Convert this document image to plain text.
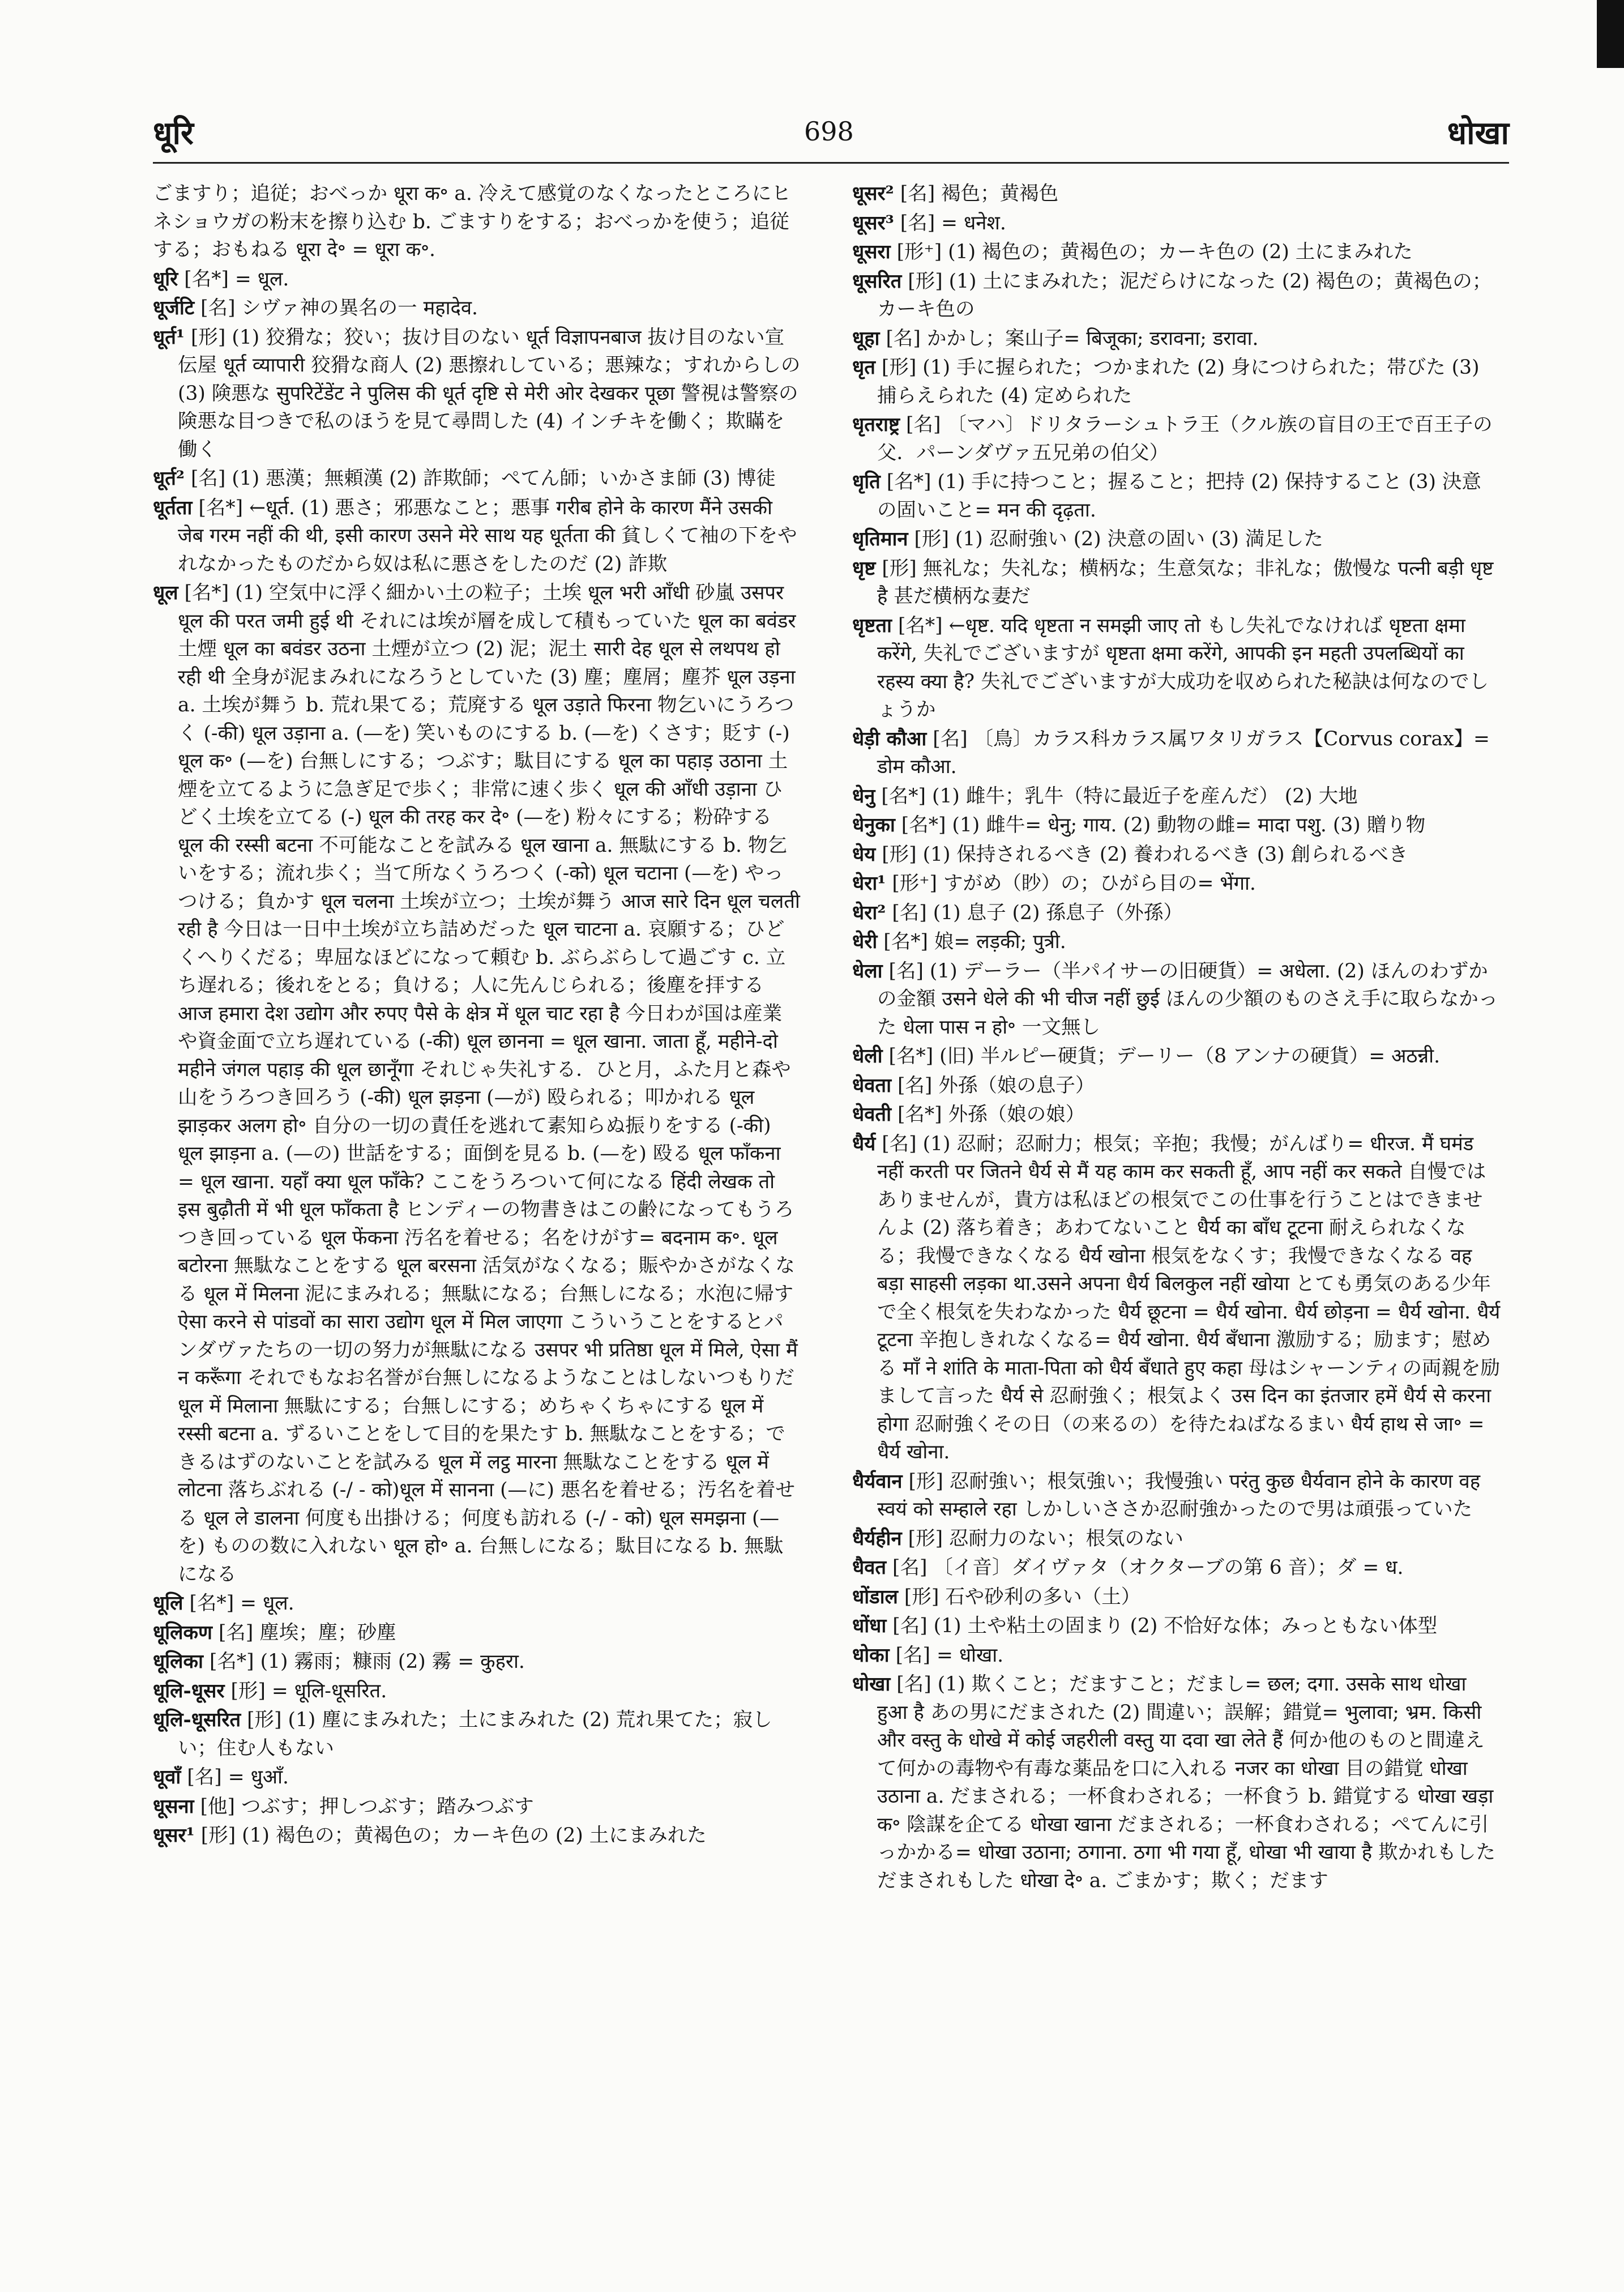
धूरि	698	धोखा
ごますり；追従；おべっか धूरा क॰ a. 冷えて感覚のなくなったところにヒネショウガの粉末を擦り込む b. ごますりをする；おべっかを使う；追従する；おもねる धूरा दे॰ = धूरा क॰.
धूरि [名*] = धूल.
धूर्जटि [名] シヴァ神の異名の一 महादेव.
धूर्त¹ [形] (1) 狡猾な；狡い；抜け目のない धूर्त विज्ञापनबाज 抜け目のない宣伝屋 धूर्त व्यापारी 狡猾な商人 (2) 悪擦れしている；悪辣な；すれからしの (3) 険悪な सुपरिटेंडेंट ने पुलिस की धूर्त दृष्टि से मेरी ओर देखकर पूछा 警視は警察の険悪な目つきで私のほうを見て尋問した (4) インチキを働く；欺瞞を働く
धूर्त² [名] (1) 悪漢；無頼漢 (2) 詐欺師；ぺてん師；いかさま師 (3) 博徒
धूर्तता [名*] ←धूर्त. (1) 悪さ；邪悪なこと；悪事 गरीब होने के कारण मैंने उसकी जेब गरम नहीं की थी, इसी कारण उसने मेरे साथ यह धूर्तता की 貧しくて袖の下をやれなかったものだから奴は私に悪さをしたのだ (2) 詐欺
धूल [名*] (1) 空気中に浮く細かい土の粒子；土埃 धूल भरी आँधी 砂嵐 उसपर धूल की परत जमी हुई थी それには埃が層を成して積もっていた धूल का बवंडर 土煙 धूल का बवंडर उठना 土煙が立つ (2) 泥；泥土 सारी देह धूल से लथपथ हो रही थी 全身が泥まみれになろうとしていた (3) 塵；塵屑；塵芥 धूल उड़ना a. 土埃が舞う b. 荒れ果てる；荒廃する धूल उड़ाते फिरना 物乞いにうろつく (-की) धूल उड़ाना a. (—を) 笑いものにする b. (—を) くさす；貶す (-) धूल क॰ (—を) 台無しにする；つぶす；駄目にする धूल का पहाड़ उठाना 土煙を立てるように急ぎ足で歩く；非常に速く歩く धूल की आँधी उड़ाना ひどく土埃を立てる (-) धूल की तरह कर दे॰ (—を) 粉々にする；粉砕する धूल की रस्सी बटना 不可能なことを試みる धूल खाना a. 無駄にする b. 物乞いをする；流れ歩く；当て所なくうろつく (-को) धूल चटाना (—を) やっつける；負かす धूल चलना 土埃が立つ；土埃が舞う आज सारे दिन धूल चलती रही है 今日は一日中土埃が立ち詰めだった धूल चाटना a. 哀願する；ひどくへりくだる；卑屈なほどになって頼む b. ぶらぶらして過ごす c. 立ち遅れる；後れをとる；負ける；人に先んじられる；後塵を拝する आज हमारा देश उद्योग और रुपए पैसे के क्षेत्र में धूल चाट रहा है 今日わが国は産業や資金面で立ち遅れている (-की) धूल छानना = धूल खाना. जाता हूँ, महीने-दो महीने जंगल पहाड़ की धूल छानूँगा それじゃ失礼する．ひと月，ふた月と森や山をうろつき回ろう (-की) धूल झड़ना (—が) 殴られる；叩かれる धूल झाड़कर अलग हो॰ 自分の一切の責任を逃れて素知らぬ振りをする (-की) धूल झाड़ना a. (—の) 世話をする；面倒を見る b. (—を) 殴る धूल फाँकना = धूल खाना. यहाँ क्या धूल फाँके? ここをうろついて何になる हिंदी लेखक तो इस बुढ़ौती में भी धूल फाँकता है ヒンディーの物書きはこの齢になってもうろつき回っている धूल फेंकना 汚名を着せる；名をけがす= बदनाम क॰. धूल बटोरना 無駄なことをする धूल बरसना 活気がなくなる；賑やかさがなくなる धूल में मिलना 泥にまみれる；無駄になる；台無しになる；水泡に帰す ऐसा करने से पांडवों का सारा उद्योग धूल में मिल जाएगा こういうことをするとパンダヴァたちの一切の努力が無駄になる उसपर भी प्रतिष्ठा धूल में मिले, ऐसा मैं न करूँगा それでもなお名誉が台無しになるようなことはしないつもりだ धूल में मिलाना 無駄にする；台無しにする；めちゃくちゃにする धूल में रस्सी बटना a. ずるいことをして目的を果たす b. 無駄なことをする；できるはずのないことを試みる धूल में लट्ठ मारना 無駄なことをする धूल में लोटना 落ちぶれる (-/ - को)धूल में सानना (—に) 悪名を着せる；汚名を着せる धूल ले डालना 何度も出掛ける；何度も訪れる (-/ - को) धूल समझना (—を) ものの数に入れない धूल हो॰ a. 台無しになる；駄目になる b. 無駄になる
धूलि [名*] = धूल.
धूलिकण [名] 塵埃；塵；砂塵
धूलिका [名*] (1) 霧雨；糠雨 (2) 霧 = कुहरा.
धूलि-धूसर [形] = धूलि-धूसरित.
धूलि-धूसरित [形] (1) 塵にまみれた；土にまみれた (2) 荒れ果てた；寂しい；住む人もない
धूवाँ [名] = धुआँ.
धूसना [他] つぶす；押しつぶす；踏みつぶす
धूसर¹ [形] (1) 褐色の；黄褐色の；カーキ色の (2) 土にまみれた
धूसर² [名] 褐色；黄褐色
धूसर³ [名] = धनेश.
धूसरा [形⁺] (1) 褐色の；黄褐色の；カーキ色の (2) 土にまみれた
धूसरित [形] (1) 土にまみれた；泥だらけになった (2) 褐色の；黄褐色の；カーキ色の
धूहा [名] かかし；案山子= बिजूका; डरावना; डरावा.
धृत [形] (1) 手に握られた；つかまれた (2) 身につけられた；帯びた (3) 捕らえられた (4) 定められた
धृतराष्ट्र [名] 〔マハ〕ドリタラーシュトラ王（クル族の盲目の王で百王子の父．パーンダヴァ五兄弟の伯父）
धृति [名*] (1) 手に持つこと；握ること；把持 (2) 保持すること (3) 決意の固いこと= मन की दृढ़ता.
धृतिमान [形] (1) 忍耐強い (2) 決意の固い (3) 満足した
धृष्ट [形] 無礼な；失礼な；横柄な；生意気な；非礼な；傲慢な पत्नी बड़ी धृष्ट है 甚だ横柄な妻だ
धृष्टता [名*] ←धृष्ट. यदि धृष्टता न समझी जाए तो もし失礼でなければ धृष्टता क्षमा करेंगे, 失礼でございますが धृष्टता क्षमा करेंगे, आपकी इन महती उपलब्धियों का रहस्य क्या है? 失礼でございますが大成功を収められた秘訣は何なのでしょうか
धेड़ी कौआ [名] 〔鳥〕カラス科カラス属ワタリガラス【Corvus corax】= डोम कौआ.
धेनु [名*] (1) 雌牛；乳牛（特に最近子を産んだ） (2) 大地
धेनुका [名*] (1) 雌牛= धेनु; गाय. (2) 動物の雌= मादा पशु. (3) 贈り物
धेय [形] (1) 保持されるべき (2) 養われるべき (3) 創られるべき
धेरा¹ [形⁺] すがめ（眇）の；ひがら目の= भेंगा.
धेरा² [名] (1) 息子 (2) 孫息子（外孫）
धेरी [名*] 娘= लड़की; पुत्री.
धेला [名] (1) デーラー（半パイサーの旧硬貨）= अधेला. (2) ほんのわずかの金額 उसने धेले की भी चीज नहीं छुई ほんの少額のものさえ手に取らなかった धेला पास न हो॰ 一文無し
धेली [名*] (旧) 半ルピー硬貨；デーリー（8 アンナの硬貨）= अठन्नी.
धेवता [名] 外孫（娘の息子）
धेवती [名*] 外孫（娘の娘）
धैर्य [名] (1) 忍耐；忍耐力；根気；辛抱；我慢；がんばり= धीरज. मैं घमंड नहीं करती पर जितने धैर्य से मैं यह काम कर सकती हूँ, आप नहीं कर सकते 自慢ではありませんが，貴方は私ほどの根気でこの仕事を行うことはできませんよ (2) 落ち着き；あわてないこと धैर्य का बाँध टूटना 耐えられなくなる；我慢できなくなる धैर्य खोना 根気をなくす；我慢できなくなる वह बड़ा साहसी लड़का था.उसने अपना धैर्य बिलकुल नहीं खोया とても勇気のある少年で全く根気を失わなかった धैर्य छूटना = धैर्य खोना. धैर्य छोड़ना = धैर्य खोना. धैर्य टूटना 辛抱しきれなくなる= धैर्य खोना. धैर्य बँधाना 激励する；励ます；慰める माँ ने शांति के माता-पिता को धैर्य बँधाते हुए कहा 母はシャーンティの両親を励まして言った धैर्य से 忍耐強く；根気よく उस दिन का इंतजार हमें धैर्य से करना होगा 忍耐強くその日（の来るの）を待たねばなるまい धैर्य हाथ से जा॰ = धैर्य खोना.
धैर्यवान [形] 忍耐強い；根気強い；我慢強い परंतु कुछ धैर्यवान होने के कारण वह स्वयं को सम्हाले रहा しかしいささか忍耐強かったので男は頑張っていた
धैर्यहीन [形] 忍耐力のない；根気のない
धैवत [名] 〔イ音〕ダイヴァタ（オクターブの第 6 音）；ダ = ध.
धोंडाल [形] 石や砂利の多い（土）
धोंधा [名] (1) 土や粘土の固まり (2) 不恰好な体；みっともない体型
धोका [名] = धोखा.
धोखा [名] (1) 欺くこと；だますこと；だまし= छल; दगा. उसके साथ धोखा हुआ है あの男にだまされた (2) 間違い；誤解；錯覚= भुलावा; भ्रम. किसी और वस्तु के धोखे में कोई जहरीली वस्तु या दवा खा लेते हैं 何か他のものと間違えて何かの毒物や有毒な薬品を口に入れる नजर का धोखा 目の錯覚 धोखा उठाना a. だまされる；一杯食わされる；一杯食う b. 錯覚する धोखा खड़ा क॰ 陰謀を企てる धोखा खाना だまされる；一杯食わされる；ぺてんに引っかかる= धोखा उठाना; ठगाना. ठगा भी गया हूँ, धोखा भी खाया है 欺かれもしただまされもした धोखा दे॰ a. ごまかす；欺く；だます
